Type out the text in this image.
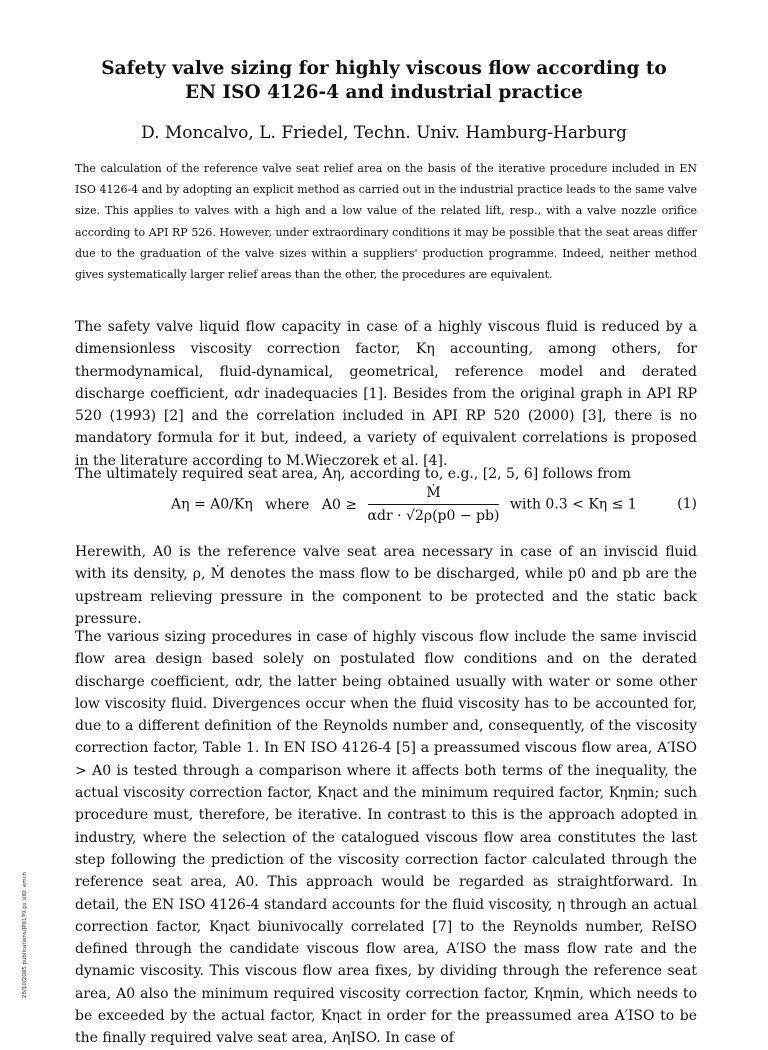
Safety valve sizing for highly viscous flow according to
EN ISO 4126-4 and industrial practice

D. Moncalvo, L. Friedel, Techn. Univ. Hamburg-Harburg

The calculation of the reference valve seat relief area on the basis of the iterative procedure included in EN ISO 4126-4 and by adopting an explicit method as carried out in the industrial practice leads to the same valve size. This applies to valves with a high and a low value of the related lift, resp., with a valve nozzle orifice according to API RP 526. However, under extraordinary conditions it may be possible that the seat areas differ due to the graduation of the valve sizes within a suppliers' production programme. Indeed, neither method gives systematically larger relief areas than the other, the procedures are equivalent.

The safety valve liquid flow capacity in case of a highly viscous fluid is reduced by a dimensionless viscosity correction factor, Kη accounting, among others, for thermodynamical, fluid-dynamical, geometrical, reference model and derated discharge coefficient, αdr inadequacies [1]. Besides from the original graph in API RP 520 (1993) [2] and the correlation included in API RP 520 (2000) [3], there is no mandatory formula for it but, indeed, a variety of equivalent correlations is proposed in the literature according to M.Wieczorek et al. [4].

The ultimately required seat area, Aη, according to, e.g., [2, 5, 6] follows from

Aη = A0/Kη where $A0 \ge \frac{\text{Ṁ}}{\text{αdr · √2ρ(p0 − pb)}}$ with 0.3 < Kη ≤ 1	(1)

Herewith, A0 is the reference valve seat area necessary in case of an inviscid fluid with its density, ρ, Ṁ denotes the mass flow to be discharged, while p0 and pb are the upstream relieving pressure in the component to be protected and the static back pressure.

The various sizing procedures in case of highly viscous flow include the same inviscid flow area design based solely on postulated flow conditions and on the derated discharge coefficient, αdr, the latter being obtained usually with water or some other low viscosity fluid. Divergences occur when the fluid viscosity has to be accounted for, due to a different definition of the Reynolds number and, consequently, of the viscosity correction factor, Table 1. In EN ISO 4126-4 [5] a preassumed viscous flow area, A′ISO > A0 is tested through a comparison where it affects both terms of the inequality, the actual viscosity correction factor, Kηact and the minimum required factor, Kηmin; such procedure must, therefore, be iterative. In contrast to this is the approach adopted in industry, where the selection of the catalogued viscous flow area constitutes the last step following the prediction of the viscosity correction factor calculated through the reference seat area, A0. This approach would be regarded as straightforward. In detail, the EN ISO 4126-4 standard accounts for the fluid viscosity, η through an actual correction factor, Kηact biunivocally correlated [7] to the Reynolds number, ReISO defined through the candidate viscous flow area, A′ISO the mass flow rate and the dynamic viscosity. This viscous flow area fixes, by dividing through the reference seat area, A0 also the minimum required viscosity correction factor, Kηmin, which needs to be exceeded by the actual factor, Kηact in order for the preassumed area A′ISO to be the finally required valve seat area, AηISO. In case of

28/10/2005 publications/JP0179.ps UID: emch
